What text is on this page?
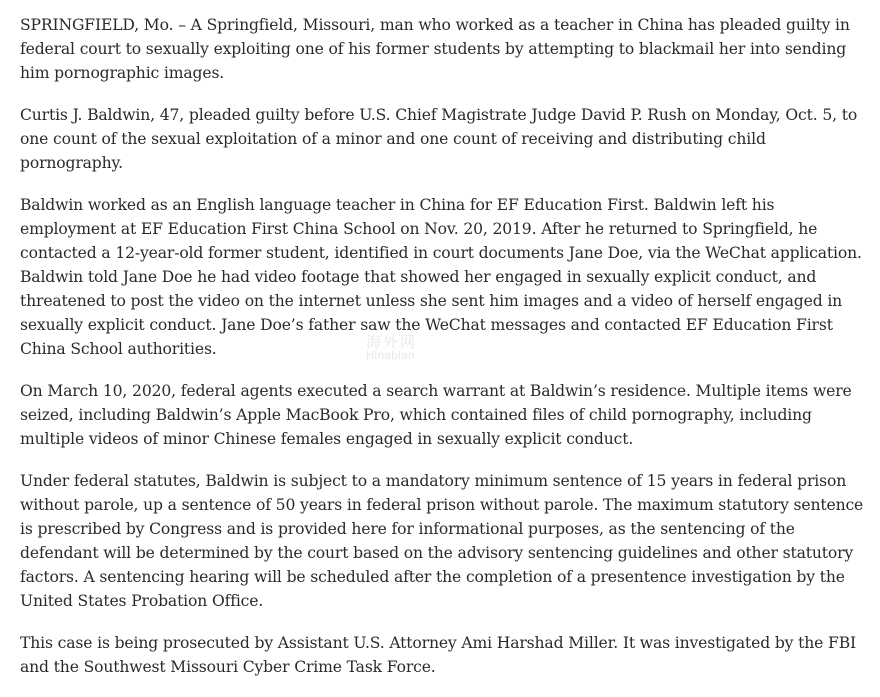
SPRINGFIELD, Mo. – A Springfield, Missouri, man who worked as a teacher in China has pleaded guilty in federal court to sexually exploiting one of his former students by attempting to blackmail her into sending him pornographic images.

Curtis J. Baldwin, 47, pleaded guilty before U.S. Chief Magistrate Judge David P. Rush on Monday, Oct. 5, to one count of the sexual exploitation of a minor and one count of receiving and distributing child pornography.

Baldwin worked as an English language teacher in China for EF Education First. Baldwin left his employment at EF Education First China School on Nov. 20, 2019. After he returned to Springfield, he contacted a 12-year-old former student, identified in court documents Jane Doe, via the WeChat application. Baldwin told Jane Doe he had video footage that showed her engaged in sexually explicit conduct, and threatened to post the video on the internet unless she sent him images and a video of herself engaged in sexually explicit conduct. Jane Doe’s father saw the WeChat messages and contacted EF Education First China School authorities.

On March 10, 2020, federal agents executed a search warrant at Baldwin’s residence. Multiple items were seized, including Baldwin’s Apple MacBook Pro, which contained files of child pornography, including multiple videos of minor Chinese females engaged in sexually explicit conduct.

Under federal statutes, Baldwin is subject to a mandatory minimum sentence of 15 years in federal prison without parole, up a sentence of 50 years in federal prison without parole. The maximum statutory sentence is prescribed by Congress and is provided here for informational purposes, as the sentencing of the defendant will be determined by the court based on the advisory sentencing guidelines and other statutory factors. A sentencing hearing will be scheduled after the completion of a presentence investigation by the United States Probation Office.

This case is being prosecuted by Assistant U.S. Attorney Ami Harshad Miller. It was investigated by the FBI and the Southwest Missouri Cyber Crime Task Force.

海外网
Hinabian
